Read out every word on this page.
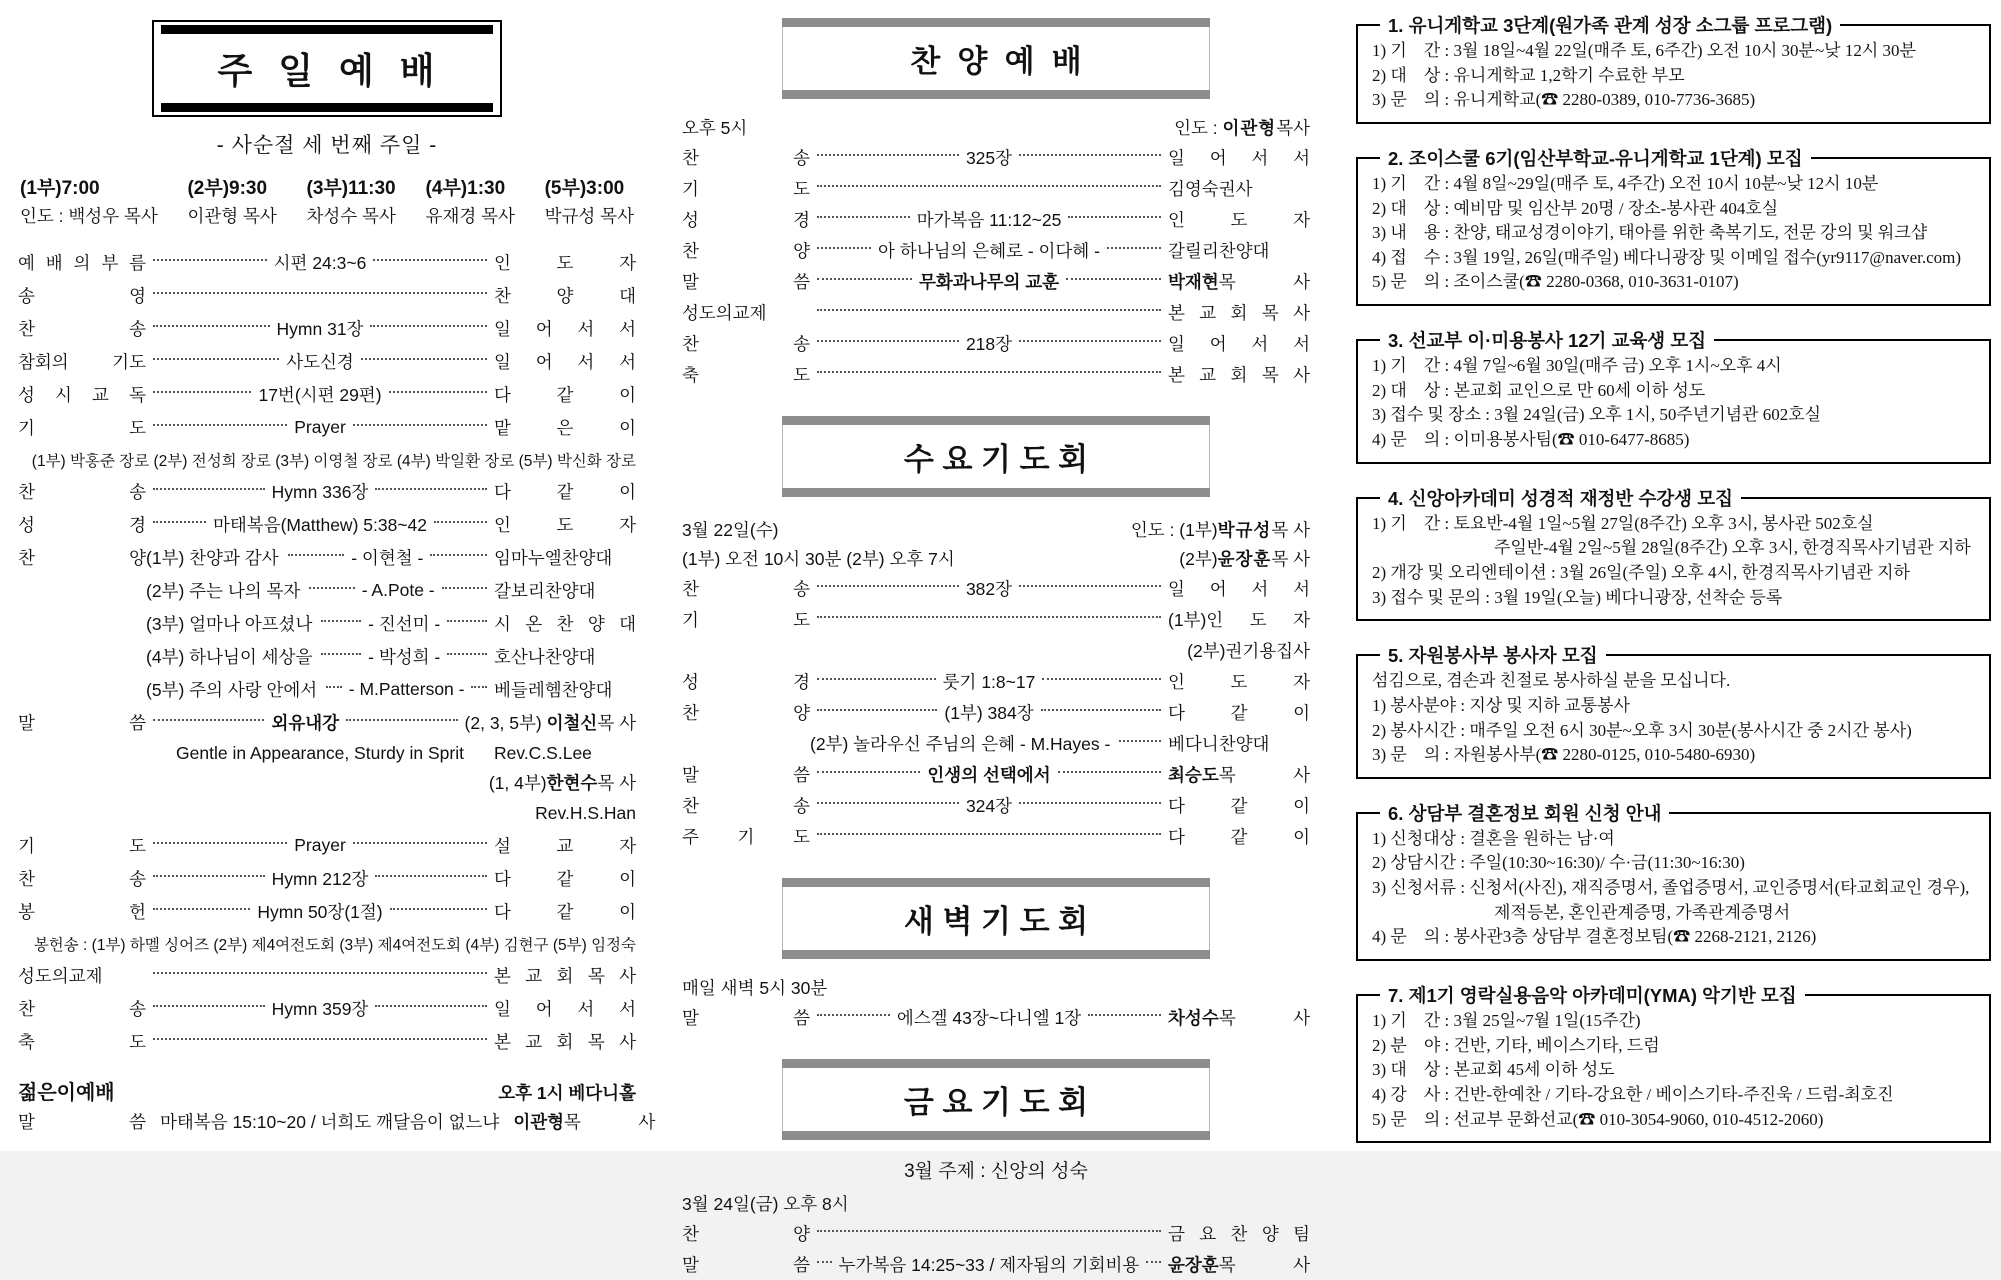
주  일  예  배
- 사순절 세 번째 주일 -
(1부)7:00
인도 : 백성우 목사
(2부)9:30
이관형 목사
(3부)11:30
차성수 목사
(4부)1:30
유재경 목사
(5부)3:00
박규성 목사
예 배 의 부 름	시편 24:3~6	인 도 자
송 영	찬 양 대
찬 송	Hymn 31장	일 어 서 서
참회의 기도	사도신경	일 어 서 서
성 시 교 독	17번(시편 29편)	다 같 이
기 도	Prayer	맡 은 이
(1부) 박홍준 장로 (2부) 전성희 장로 (3부) 이영철 장로 (4부) 박일환 장로 (5부) 박신화 장로
찬 송	Hymn 336장	다 같 이
성 경	마태복음(Matthew) 5:38~42	인 도 자
찬 양 (1부) 찬양과 감사	- 이현철 -	임마누엘찬양대
(2부) 주는 나의 목자	- A.Pote -	갈보리찬양대
(3부) 얼마나 아프셨나	- 진선미 -	시 온 찬 양 대
(4부) 하나님이 세상을	- 박성희 -	호산나찬양대
(5부) 주의 사랑 안에서 - M.Patterson - 베들레헴찬양대
말 씀	외유내강	(2, 3, 5부) 이철신목 사
Gentle in Appearance, Sturdy in Sprit	Rev.C.S.Lee
(1, 4부) 한현수 목 사
Rev.H.S.Han
기 도	Prayer	설 교 자
찬 송	Hymn 212장	다 같 이
봉 헌	Hymn 50장(1절)	다 같 이
봉헌송 : (1부) 하멜 싱어즈 (2부) 제4여전도회 (3부) 제4여전도회 (4부) 김현구 (5부) 임정숙
성도의교제	본 교 회 목 사
찬 송	Hymn 359장	일 어 서 서
축 도	본 교 회 목 사
젊은이예배	오후 1시 베다니홀
말 씀 마태복음 15:10~20 / 너희도 깨달음이 없느냐 이관형목 사
찬  양  예  배
오후 5시	인도 : 이관형목사
찬 송	325장	일 어 서 서
기 도	김영숙권사
성 경	마가복음 11:12~25	인 도 자
찬 양	아 하나님의 은혜로 - 이다혜 -	갈릴리찬양대
말 씀	무화과나무의 교훈	박재현목 사
성도의교제	본 교 회 목 사
찬 송	218장	일 어 서 서
축 도	본 교 회 목 사
수 요 기 도 회
3월 22일(수)
(1부) 오전 10시 30분 (2부) 오후 7시
인도 : (1부)박규성목 사
(2부)윤장훈목 사
찬 송	382장	일 어 서 서
기 도	(1부)인 도 자
(2부)권기용집사
성 경	룻기 1:8~17	인 도 자
찬 양	(1부) 384장	다 같 이
(2부) 놀라우신 주님의 은혜 - M.Hayes -	베다니찬양대
말 씀	인생의 선택에서	최승도목 사
찬 송	324장	다 같 이
주 기 도	다 같 이
새 벽 기 도 회
매일 새벽 5시 30분
말 씀	에스겔 43장~다니엘 1장	차성수목 사
금 요 기 도 회
3월 주제 : 신앙의 성숙
3월 24일(금) 오후 8시
찬 양	금 요 찬 양 팀
말 씀 누가복음 14:25~33 / 제자됨의 기회비용 윤장훈목 사
1. 유니게학교 3단계(원가족 관계 성장 소그룹 프로그램)
1) 기    간 : 3월 18일~4월 22일(매주 토, 6주간) 오전 10시 30분~낮 12시 30분
2) 대    상 : 유니게학교 1,2학기 수료한 부모
3) 문    의 : 유니게학교(☎ 2280-0389, 010-7736-3685)
2. 조이스쿨 6기(임산부학교-유니게학교 1단계) 모집
1) 기    간 : 4월 8일~29일(매주 토, 4주간) 오전 10시 10분~낮 12시 10분
2) 대    상 : 예비맘 및 임산부 20명 / 장소-봉사관 404호실
3) 내    용 : 찬양, 태교성경이야기, 태아를 위한 축복기도, 전문 강의 및 워크샵
4) 접    수 : 3월 19일, 26일(매주일) 베다니광장 및 이메일 접수(yr9117@naver.com)
5) 문    의 : 조이스쿨(☎ 2280-0368, 010-3631-0107)
3. 선교부 이·미용봉사 12기 교육생 모집
1) 기    간 : 4월 7일~6월 30일(매주 금) 오후 1시~오후 4시
2) 대    상 : 본교회 교인으로 만 60세 이하 성도
3) 접수 및 장소 : 3월 24일(금) 오후 1시, 50주년기념관 602호실
4) 문    의 : 이미용봉사팀(☎ 010-6477-8685)
4. 신앙아카데미 성경적 재정반 수강생 모집
1) 기    간 : 토요반-4월 1일~5월 27일(8주간) 오후 3시, 봉사관 502호실
주일반-4월 2일~5월 28일(8주간) 오후 3시, 한경직목사기념관 지하
2) 개강 및 오리엔테이션 : 3월 26일(주일) 오후 4시, 한경직목사기념관 지하
3) 접수 및 문의 : 3월 19일(오늘) 베다니광장, 선착순 등록
5. 자원봉사부 봉사자 모집
섬김으로, 겸손과 친절로 봉사하실 분을 모십니다.
1) 봉사분야 : 지상 및 지하 교통봉사
2) 봉사시간 : 매주일 오전 6시 30분~오후 3시 30분(봉사시간 중 2시간 봉사)
3) 문    의 : 자원봉사부(☎ 2280-0125, 010-5480-6930)
6. 상담부 결혼정보 회원 신청 안내
1) 신청대상 : 결혼을 원하는 남·여
2) 상담시간 : 주일(10:30~16:30)/ 수·금(11:30~16:30)
3) 신청서류 : 신청서(사진), 재직증명서, 졸업증명서, 교인증명서(타교회교인 경우),
제적등본, 혼인관계증명, 가족관계증명서
4) 문    의 : 봉사관3층 상담부 결혼정보팀(☎ 2268-2121, 2126)
7. 제1기 영락실용음악 아카데미(YMA) 악기반 모집
1) 기    간 : 3월 25일~7월 1일(15주간)
2) 분    야 : 건반, 기타, 베이스기타, 드럼
3) 대    상 : 본교회 45세 이하 성도
4) 강    사 : 건반-한예찬 / 기타-강요한 / 베이스기타-주진욱 / 드럼-최호진
5) 문    의 : 선교부 문화선교(☎ 010-3054-9060, 010-4512-2060)
